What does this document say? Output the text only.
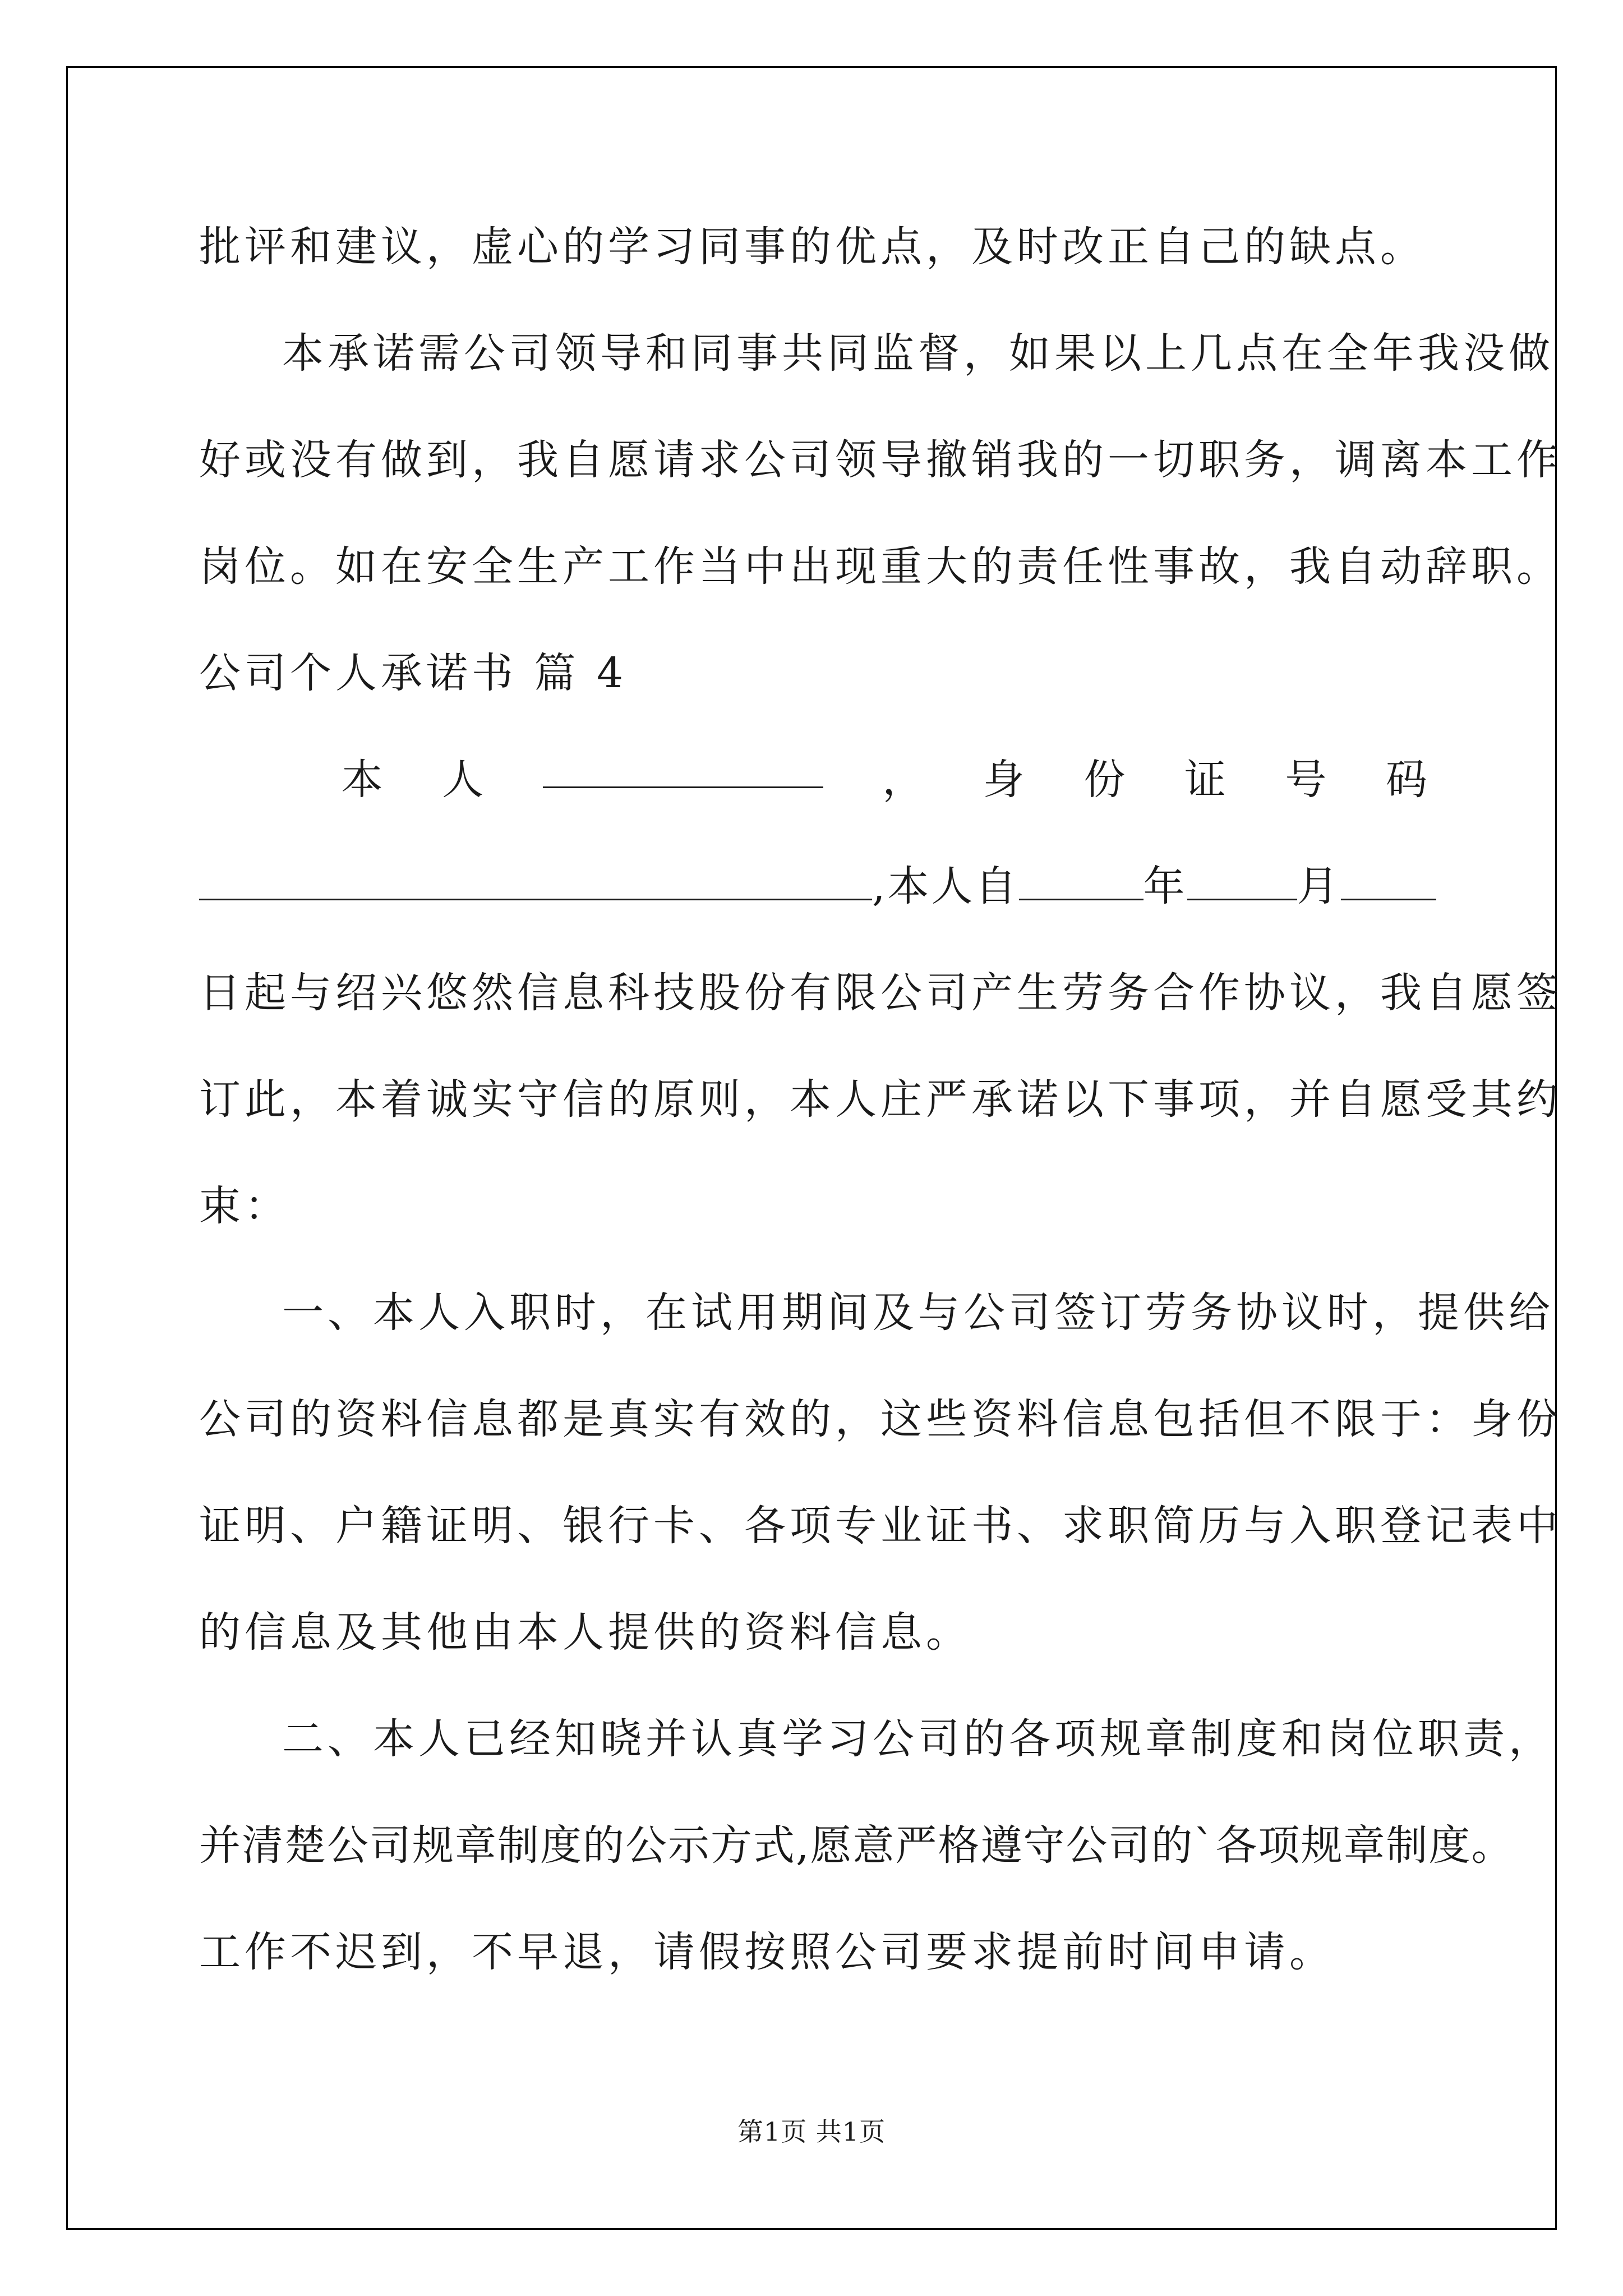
批评和建议，虚心的学习同事的优点，及时改正自己的缺点。
本承诺需公司领导和同事共同监督，如果以上几点在全年我没做
好或没有做到，我自愿请求公司领导撤销我的一切职务，调离本工作
岗位。如在安全生产工作当中出现重大的责任性事故，我自动辞职。
公司个人承诺书 篇 4
本 人	， 身 份 证 号 码
,本人自	年	月
日起与绍兴悠然信息科技股份有限公司产生劳务合作协议，我自愿签
订此，本着诚实守信的原则，本人庄严承诺以下事项，并自愿受其约
束：
一、本人入职时，在试用期间及与公司签订劳务协议时，提供给
公司的资料信息都是真实有效的，这些资料信息包括但不限于：身份
证明、户籍证明、银行卡、各项专业证书、求职简历与入职登记表中
的信息及其他由本人提供的资料信息。
二、本人已经知晓并认真学习公司的各项规章制度和岗位职责，
并清楚公司规章制度的公示方式,愿意严格遵守公司的`各项规章制度。
工作不迟到，不早退，请假按照公司要求提前时间申请。
第1页 共1页
